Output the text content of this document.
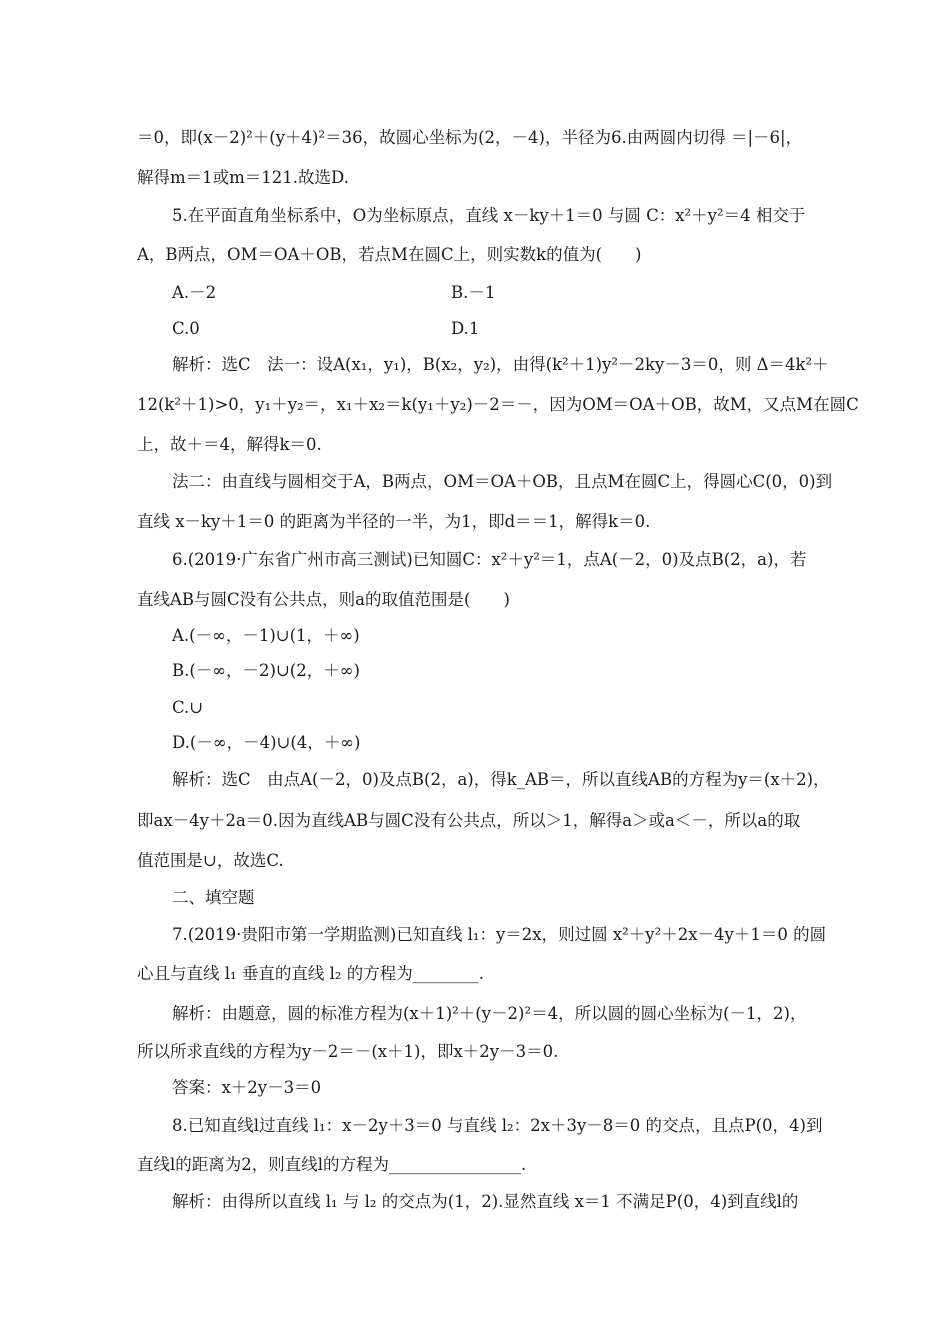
＝0，即(x－2)²＋(y＋4)²＝36，故圆心坐标为(2，－4)，半径为6.由两圆内切得 ＝|－6|，
解得m＝1或m＝121.故选D.
5.在平面直角坐标系中，O为坐标原点，直线 x－ky＋1＝0 与圆 C：x²＋y²＝4 相交于
A，B两点，OM＝OA＋OB，若点M在圆C上，则实数k的值为(　　)
A.－2	B.－1
C.0	D.1
解析：选C　法一：设A(x₁，y₁)，B(x₂，y₂)，由得(k²＋1)y²－2ky－3＝0，则 Δ＝4k²＋
12(k²＋1)>0，y₁＋y₂＝，x₁＋x₂＝k(y₁＋y₂)－2＝－，因为OM＝OA＋OB，故M，又点M在圆C
上，故＋＝4，解得k＝0.
法二：由直线与圆相交于A，B两点，OM＝OA＋OB，且点M在圆C上，得圆心C(0，0)到
直线 x－ky＋1＝0 的距离为半径的一半，为1，即d＝＝1，解得k＝0.
6.(2019·广东省广州市高三测试)已知圆C：x²＋y²＝1，点A(－2，0)及点B(2，a)，若
直线AB与圆C没有公共点，则a的取值范围是(　　)
A.(－∞，－1)∪(1，＋∞)
B.(－∞，－2)∪(2，＋∞)
C.∪
D.(－∞，－4)∪(4，＋∞)
解析：选C　由点A(－2，0)及点B(2，a)，得k_AB＝，所以直线AB的方程为y＝(x＋2)，
即ax－4y＋2a＝0.因为直线AB与圆C没有公共点，所以＞1，解得a＞或a＜－，所以a的取
值范围是∪，故选C.
二、填空题
7.(2019·贵阳市第一学期监测)已知直线 l₁：y＝2x，则过圆 x²＋y²＋2x－4y＋1＝0 的圆
心且与直线 l₁ 垂直的直线 l₂ 的方程为________.
解析：由题意，圆的标准方程为(x＋1)²＋(y－2)²＝4，所以圆的圆心坐标为(－1，2)，
所以所求直线的方程为y－2＝－(x＋1)，即x＋2y－3＝0.
答案：x＋2y－3＝0
8.已知直线l过直线 l₁：x－2y＋3＝0 与直线 l₂：2x＋3y－8＝0 的交点，且点P(0，4)到
直线l的距离为2，则直线l的方程为________________.
解析：由得所以直线 l₁ 与 l₂ 的交点为(1，2).显然直线 x＝1 不满足P(0，4)到直线l的
